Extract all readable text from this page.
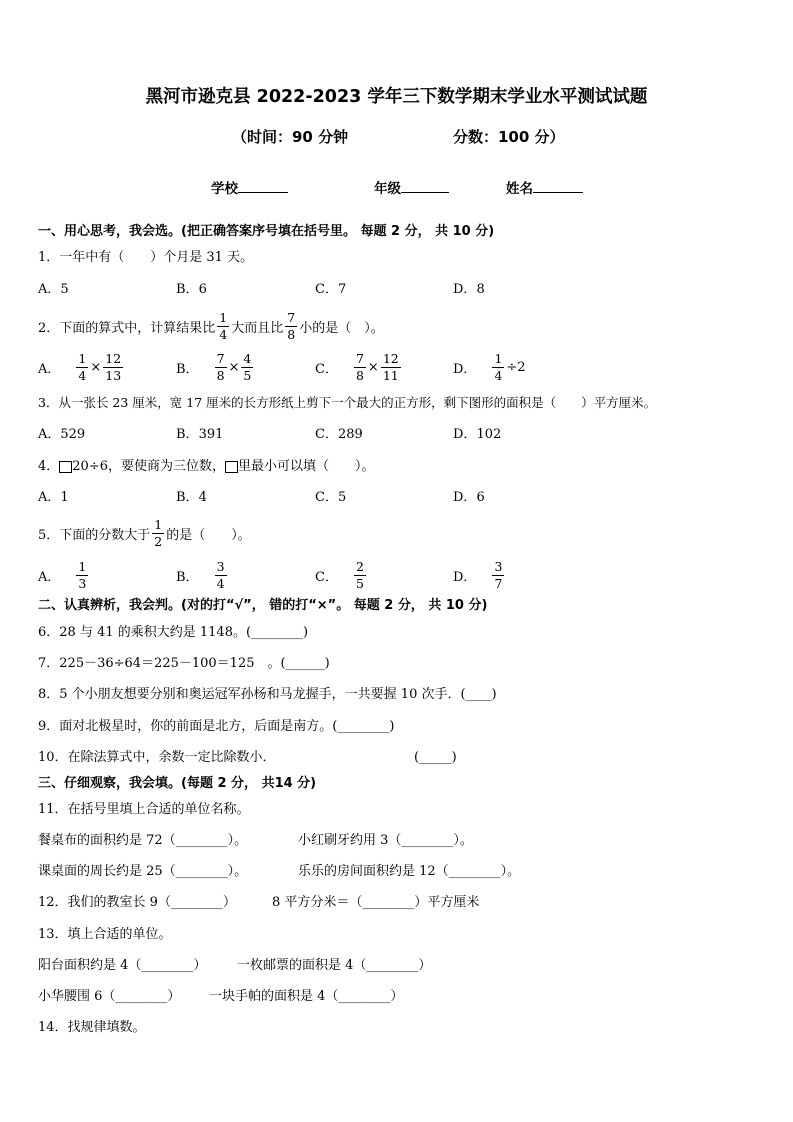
黑河市逊克县 2022-2023 学年三下数学期末学业水平测试试题
（时间：90 分钟	分数：100 分）
学校	年级	姓名
一、用心思考，我会选。(把正确答案序号填在括号里。 每题 2 分， 共 10 分)
1．一年中有（　　）个月是 31 天。
A．5	B．6	C．7	D．8
2．下面的算式中，计算结果比 $\frac{1}{4}$ 大而且比 $\frac{7}{8}$ 小的是（　）。
A． $\frac{1}{4} \times \frac{12}{13}$	B． $\frac{7}{8} \times \frac{4}{5}$	C． $\frac{7}{8} \times \frac{12}{11}$	D． $\frac{1}{4} \div 2$
3．从一张长 23 厘米，宽 17 厘米的长方形纸上剪下一个最大的正方形，剩下图形的面积是（　　）平方厘米。
A．529	B．391	C．289	D．102
4． 20÷6，要使商为三位数， 里最小可以填（　　）。
A．1	B．4	C．5	D．6
5．下面的分数大于 $\frac{1}{2}$ 的是（　　）。
A． $\frac{1}{3}$	B． $\frac{3}{4}$	C． $\frac{2}{5}$	D． $\frac{3}{7}$
二、认真辨析，我会判。(对的打“√”， 错的打“×”。 每题 2 分， 共 10 分)
6．28 与 41 的乘积大约是 1148。(________)
7．225－36÷64＝225－100＝125　。(______)
8．5 个小朋友想要分别和奥运冠军孙杨和马龙握手，一共要握 10 次手．(____)
9．面对北极星时，你的前面是北方，后面是南方。(________)
10．在除法算式中，余数一定比除数小．	(_____)
三、仔细观察，我会填。(每题 2 分， 共14 分)
11．在括号里填上合适的单位名称。
餐桌布的面积约是 72（________）。	小红刷牙约用 3（________）。
课桌面的周长约是 25（________）。	乐乐的房间面积约是 12（________）。
12．我们的教室长 9（________）	8 平方分米＝（________）平方厘米
13．填上合适的单位。
阳台面积约是 4（________） 一枚邮票的面积是 4（________）
小华腰围 6（________） 一块手帕的面积是 4（________）
14．找规律填数。
